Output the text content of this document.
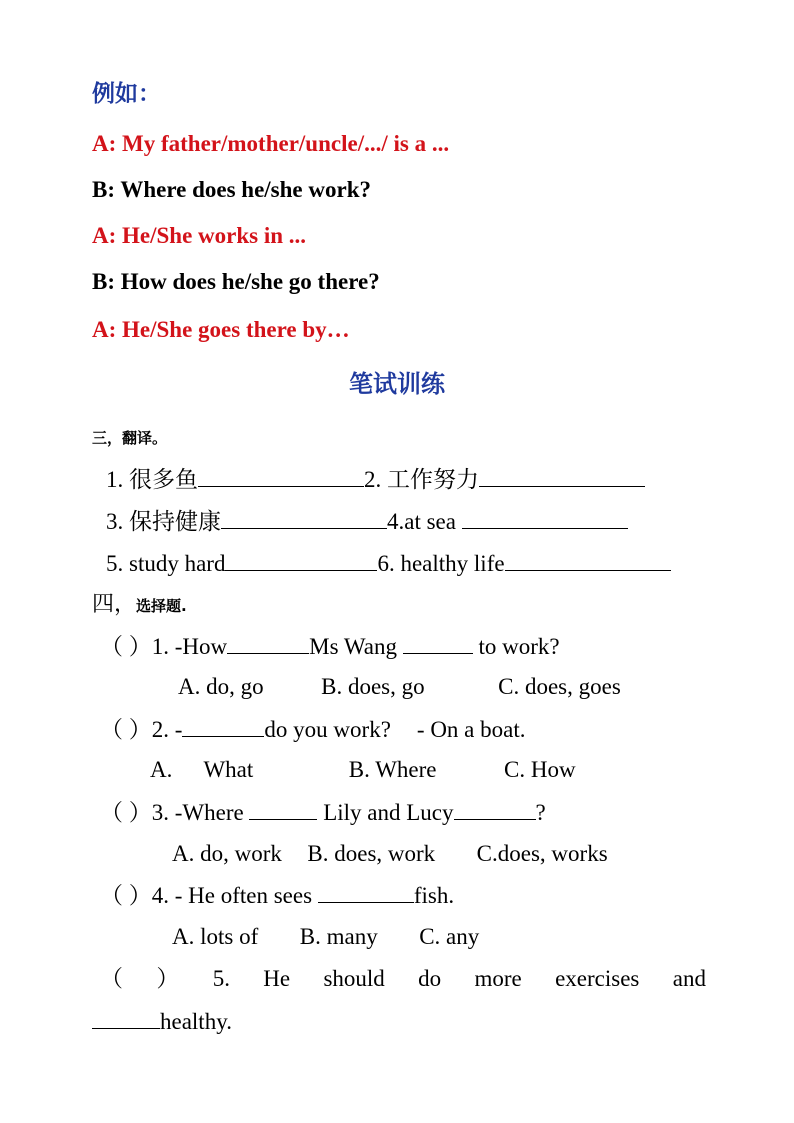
例如：
A: My father/mother/uncle/.../ is a ...
B: Where does he/she work?
A: He/She works in ...
B: How does he/she go there?
A: He/She goes there by…
笔试训练
三，翻译。
1. 很多鱼	2. 工作努力
3. 保持健康	4.at sea
5. study hard	6. healthy life
四，选择题.
（ ）1. -How	Ms Wang	to work?
A. do, go	B. does, go	C. does, goes
（ ）2. -	do you work? - On a boat.
A. What	B. Where	C. How
（ ）3. -Where	Lily and Lucy	?
A. do, work B. does, work C.does, works
（ ）4. - He often sees	fish.
A. lots of B. many C. any
（ ） 5. He should do more exercises and
healthy.
